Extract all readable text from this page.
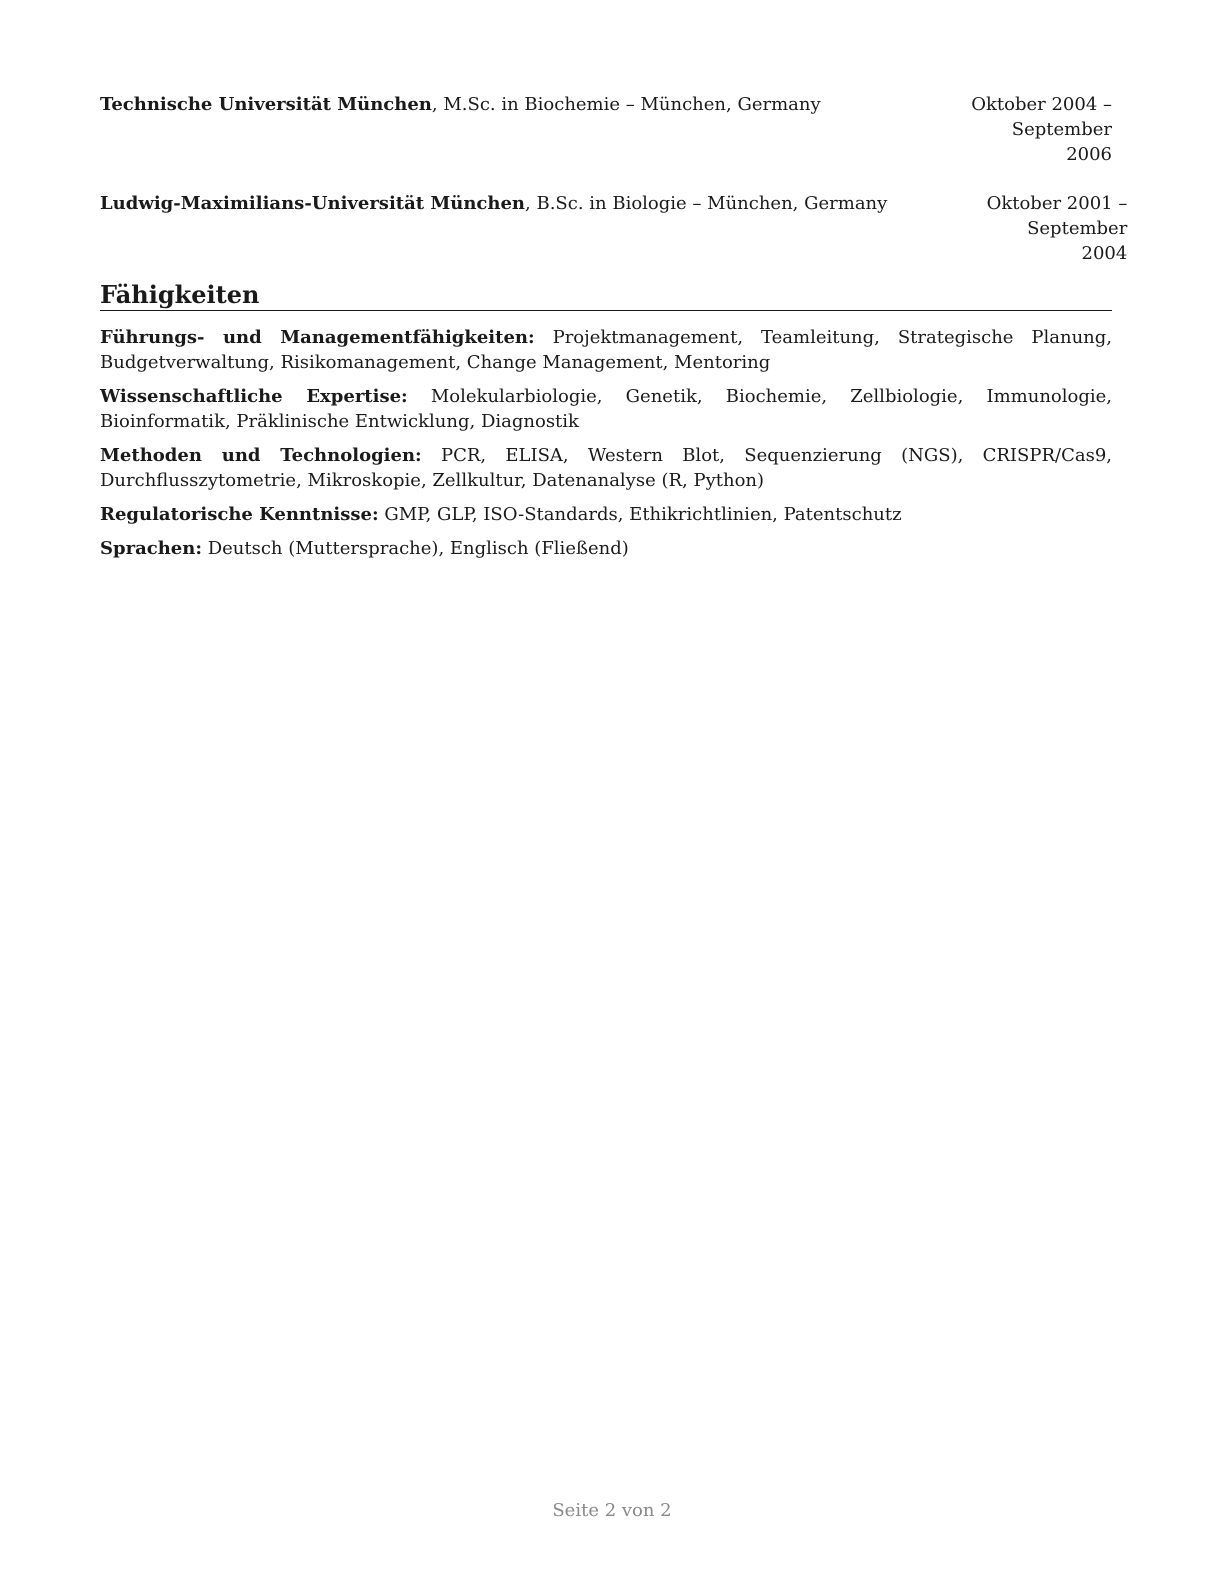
Technische Universität München, M.Sc. in Biochemie – München, Germany	Oktober 2004 – September
2006
Ludwig-Maximilians-Universität München, B.Sc. in Biologie – München, Germany	Oktober 2001 – September
2004
Fähigkeiten
Führungs- und Managementfähigkeiten: Projektmanagement, Teamleitung, Strategische Planung, Budgetverwaltung, Risikomanagement, Change Management, Mentoring
Wissenschaftliche Expertise: Molekularbiologie, Genetik, Biochemie, Zellbiologie, Immunologie, Bioinformatik, Präklinische Entwicklung, Diagnostik
Methoden und Technologien: PCR, ELISA, Western Blot, Sequenzierung (NGS), CRISPR/Cas9, Durchflusszytometrie, Mikroskopie, Zellkultur, Datenanalyse (R, Python)
Regulatorische Kenntnisse: GMP, GLP, ISO-Standards, Ethikrichtlinien, Patentschutz
Sprachen: Deutsch (Muttersprache), Englisch (Fließend)
Seite 2 von 2
